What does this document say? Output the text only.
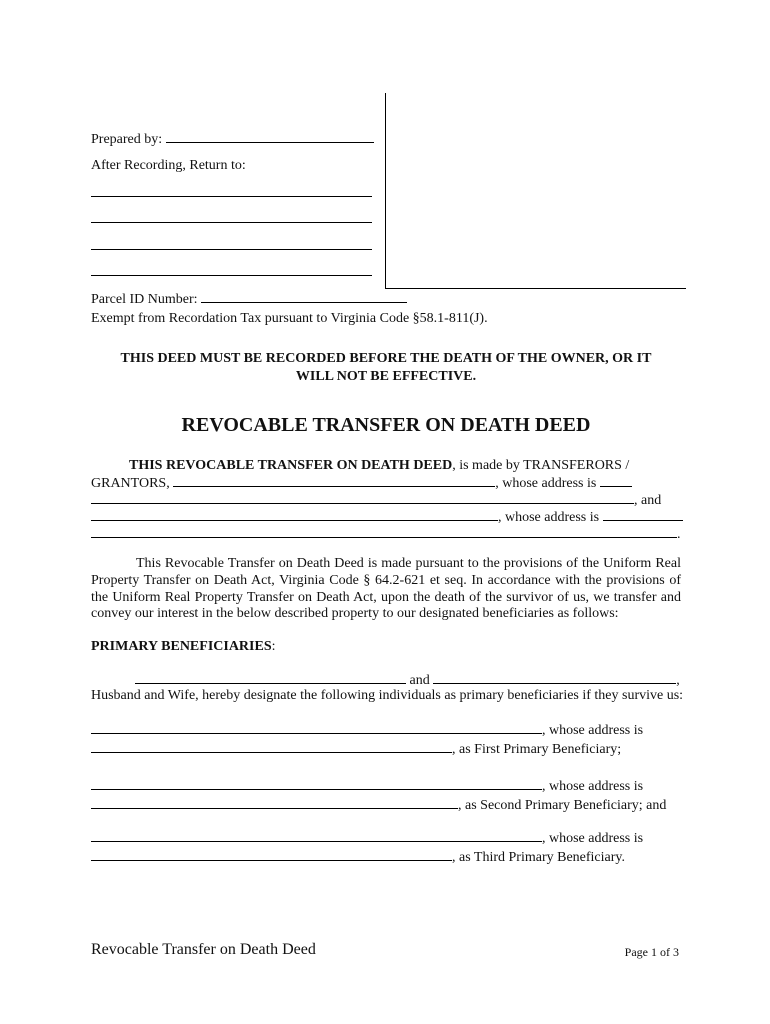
Prepared by:
After Recording, Return to:
Parcel ID Number:
Exempt from Recordation Tax pursuant to Virginia Code §58.1-811(J).
THIS DEED MUST BE RECORDED BEFORE THE DEATH OF THE OWNER, OR IT
WILL NOT BE EFFECTIVE.
REVOCABLE TRANSFER ON DEATH DEED
THIS REVOCABLE TRANSFER ON DEATH DEED, is made by TRANSFERORS /
GRANTORS,	, whose address is
, and
, whose address is
.
This Revocable Transfer on Death Deed is made pursuant to the provisions of the Uniform Real Property Transfer on Death Act, Virginia Code § 64.2-621 et seq. In accordance with the provisions of the Uniform Real Property Transfer on Death Act, upon the death of the survivor of us, we transfer and convey our interest in the below described property to our designated beneficiaries as follows:
PRIMARY BENEFICIARIES:
and	,
Husband and Wife, hereby designate the following individuals as primary beneficiaries if they survive us:
, whose address is
, as First Primary Beneficiary;
, whose address is
, as Second Primary Beneficiary; and
, whose address is
, as Third Primary Beneficiary.
Revocable Transfer on Death Deed	Page 1 of 3
